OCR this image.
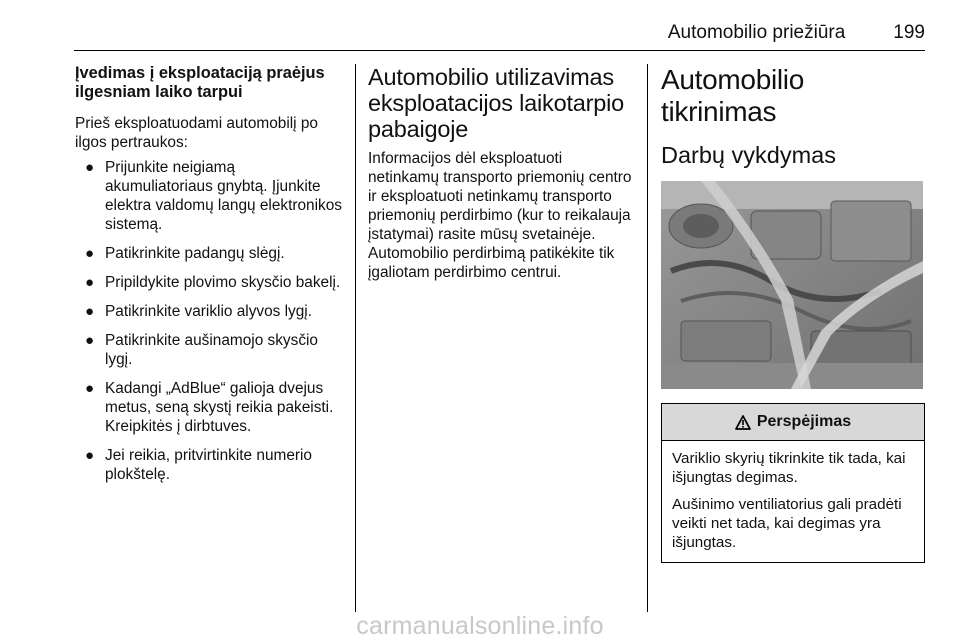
Automobilio priežiūra	199

Įvedimas į eksploataciją praėjus ilgesniam laiko tarpui

Prieš eksploatuodami automobilį po ilgos pertraukos:

● Prijunkite neigiamą akumuliatoriaus gnybtą. Įjunkite elektra valdomų langų elektronikos sistemą.
● Patikrinkite padangų slėgį.
● Pripildykite plovimo skysčio bakelį.
● Patikrinkite variklio alyvos lygį.
● Patikrinkite aušinamojo skysčio lygį.
● Kadangi „AdBlue“ galioja dvejus metus, seną skystį reikia pakeisti. Kreipkitės į dirbtuves.
● Jei reikia, pritvirtinkite numerio plokštelę.
Automobilio utilizavimas eksploatacijos laikotarpio pabaigoje

Informacijos dėl eksploatuoti netinkamų transporto priemonių centro ir eksploatuoti netinkamų transporto priemonių perdirbimo (kur to reikalauja įstatymai) rasite mūsų svetainėje. Automobilio perdirbimą patikėkite tik įgaliotam perdirbimo centrui.

Automobilio tikrinimas
Darbų vykdymas
Perspėjimas

Variklio skyrių tikrinkite tik tada, kai išjungtas degimas.

Aušinimo ventiliatorius gali pradėti veikti net tada, kai degimas yra išjungtas.

carmanualsonline.info
